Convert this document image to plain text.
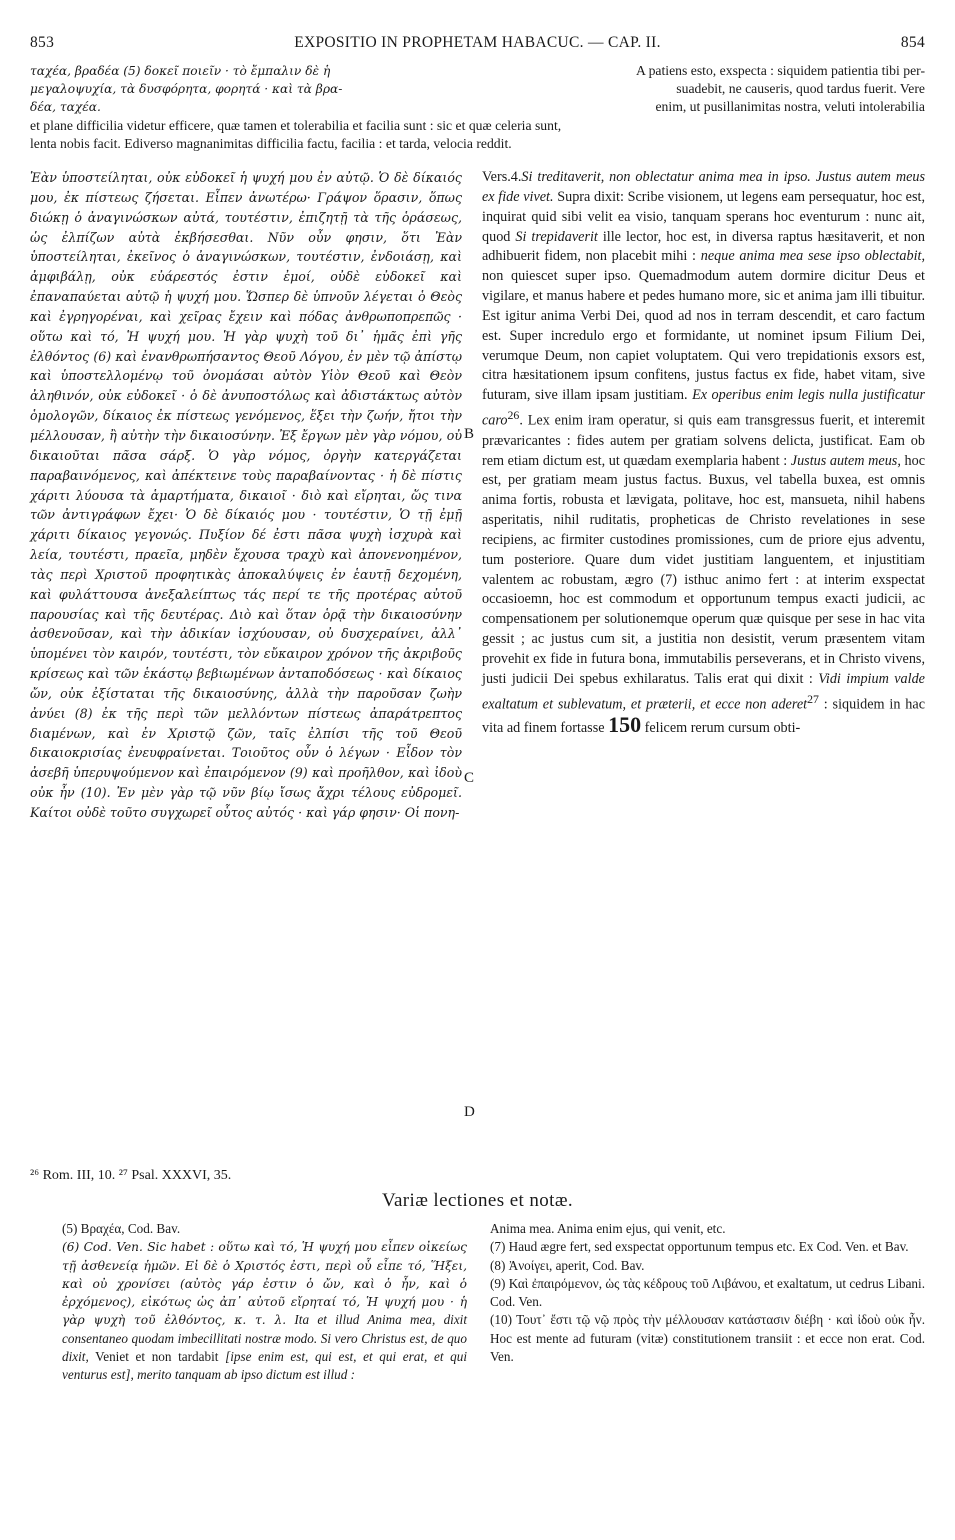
853	EXPOSITIO IN PROPHETAM HABACUC. — CAP. II.	854
ταχέα, βραδέα (5) δοκεῖ ποιεῖν · τὸ ἔμπαλιν δὲ ἡ	A patiens esto, exspecta : siquidem patientia tibi per-
μεγαλοψυχία, τὰ δυσφόρητα, φορητά · καὶ τὰ βρα-	suadebit, ne causeris, quod tardus fuerit. Vere
δέα, ταχέα.	enim, ut pusillanimitas nostra, veluti intolerabilia
et plane difficilia videtur efficere, quæ tamen et tolerabilia et facilia sunt : sic et quæ celeria sunt,
lenta nobis facit. Ediverso magnanimitas difficilia factu, facilia : et tarda, velocia reddit.

Ἐὰν ὑποστείληται, οὐκ εὐδοκεῖ ἡ ψυχή μου ἐν αὐτῷ. Ὁ δὲ δίκαιός μου, ἐκ πίστεως ζήσεται. Εἶπεν ἀνωτέρω· Γράψον ὅρασιν, ὅπως διώκῃ ὁ ἀναγινώσκων αὐτά, τουτέστιν, ἐπιζητῇ τὰ τῆς ὁράσεως, ὡς ἐλπίζων αὐτὰ ἐκβήσεσθαι. Νῦν οὖν φησιν, ὅτι Ἐὰν ὑποστείληται, ἐκεῖνος ὁ ἀναγινώσκων, τουτέστιν, ἐνδοιάσῃ, καὶ ἀμφιβάλῃ, οὐκ εὐάρεστός ἐστιν ἐμοί, οὐδὲ εὐδοκεῖ καὶ ἐπαναπαύεται αὐτῷ ἡ ψυχή μου. Ὥσπερ δὲ ὑπνοῦν λέγεται ὁ Θεὸς καὶ ἐγρηγορέναι, καὶ χεῖρας ἔχειν καὶ πόδας ἀνθρωποπρεπῶς · οὕτω καὶ τό, Ἡ ψυχή μου. Ἡ γὰρ ψυχὴ τοῦ δι᾽ ἡμᾶς ἐπὶ γῆς ἐλθόντος (6) καὶ ἐνανθρωπήσαντος Θεοῦ Λόγου, ἐν μὲν τῷ ἀπίστῳ καὶ ὑποστελλομένῳ τοῦ ὀνομάσαι αὐτὸν Υἱὸν Θεοῦ καὶ Θεὸν ἀληθινόν, οὐκ εὐδοκεῖ · ὁ δὲ ἀνυποστόλως καὶ ἀδιστάκτως αὐτὸν ὁμολογῶν, δίκαιος ἐκ πίστεως γενόμενος, ἕξει τὴν ζωήν, ἤτοι τὴν μέλλουσαν, ἢ αὐτὴν τὴν δικαιοσύνην. Ἐξ ἔργων μὲν γὰρ νόμου, οὐ δικαιοῦται πᾶσα σάρξ. Ὁ γὰρ νόμος, ὀργὴν κατεργάζεται παραβαινόμενος, καὶ ἀπέκτεινε τοὺς παραβαίνοντας · ἡ δὲ πίστις χάριτι λύουσα τὰ ἁμαρτήματα, δικαιοῖ · διὸ καὶ εἴρηται, ὥς τινα τῶν ἀντιγράφων ἔχει· Ὁ δὲ δίκαιός μου · τουτέστιν, Ὁ τῇ ἐμῇ χάριτι δίκαιος γεγονώς. Πυξίον δέ ἐστι πᾶσα ψυχὴ ἰσχυρὰ καὶ λεία, τουτέστι, πραεῖα, μηδὲν ἔχουσα τραχὺ καὶ ἀπονενοημένον, τὰς περὶ Χριστοῦ προφητικὰς ἀποκαλύψεις ἐν ἑαυτῇ δεχομένη, καὶ φυλάττουσα ἀνεξαλείπτως τάς περί τε τῆς προτέρας αὐτοῦ παρουσίας καὶ τῆς δευτέρας. Διὸ καὶ ὅταν ὁρᾷ τὴν δικαιοσύνην ἀσθενοῦσαν, καὶ τὴν ἀδικίαν ἰσχύουσαν, οὐ δυσχεραίνει, ἀλλ᾽ ὑπομένει τὸν καιρόν, τουτέστι, τὸν εὔκαιρον χρόνον τῆς ἀκριβοῦς κρίσεως καὶ τῶν ἑκάστῳ βεβιωμένων ἀνταποδόσεως · καὶ δίκαιος ὤν, οὐκ ἐξίσταται τῆς δικαιοσύνης, ἀλλὰ τὴν παροῦσαν ζωὴν ἀνύει (8) ἐκ τῆς περὶ τῶν μελλόντων πίστεως ἀπαράτρεπτος διαμένων, καὶ ἐν Χριστῷ ζῶν, ταῖς ἐλπίσι τῆς τοῦ Θεοῦ δικαιοκρισίας ἐνευφραίνεται. Τοιοῦτος οὖν ὁ λέγων · Εἶδον τὸν ἀσεβῆ ὑπερυψούμενον καὶ ἐπαιρόμενον (9) καὶ προῆλθον, καὶ ἰδοὺ οὐκ ἦν (10). Ἐν μὲν γὰρ τῷ νῦν βίῳ ἴσως ἄχρι τέλους εὐδρομεῖ. Καίτοι οὐδὲ τοῦτο συγχωρεῖ οὗτος αὐτός · καὶ γάρ φησιν· Οἱ πονη-

B
C
D

Vers.4.Si treditaverit, non oblectatur anima mea in ipso. Justus autem meus ex fide vivet. Supra dixit: Scribe visionem, ut legens eam persequatur, hoc est, inquirat quid sibi velit ea visio, tanquam sperans hoc eventurum : nunc ait, quod Si trepidaverit ille lector, hoc est, in diversa raptus hæsitaverit, et non adhibuerit fidem, non placebit mihi : neque anima mea sese ipso oblectabit, non quiescet super ipso. Quemadmodum autem dormire dicitur Deus et vigilare, et manus habere et pedes humano more, sic et anima jam illi tibuitur. Est igitur anima Verbi Dei, quod ad nos in terram descendit, et caro factum est. Super incredulo ergo et formidante, ut nominet ipsum Filium Dei, verumque Deum, non capiet voluptatem. Qui vero trepidationis exsors est, citra hæsitationem ipsum confitens, justus factus ex fide, habet vitam, sive futuram, sive illam ipsam justitiam. Ex operibus enim legis nulla justificatur caro$^{26}$. Lex enim iram operatur, si quis eam transgressus fuerit, et interemit prævaricantes : fides autem per gratiam solvens delicta, justificat. Eam ob rem etiam dictum est, ut quædam exemplaria habent : Justus autem meus, hoc est, per gratiam meam justus factus. Buxus, vel tabella buxea, est omnis anima fortis, robusta et lævigata, politave, hoc est, mansueta, nihil habens asperitatis, nihil ruditatis, propheticas de Christo revelationes in sese recipiens, ac firmiter custodines promissiones, cum de priore ejus adventu, tum posteriore. Quare dum videt justitiam languentem, et injustitiam valentem ac robustam, ægro (7) isthuc animo fert : at interim exspectat occasioemn, hoc est commodum et opportunum tempus exacti judicii, ac compensationem per solutionemque operum quæ quisque per sese in hac vita gessit ; ac justus cum sit, a justitia non desistit, verum præsentem vitam provehit ex fide in futura bona, immutabilis perseverans, et in Christo vivens, justi judicii Dei spebus exhilaratus. Talis erat qui dixit : Vidi impium valde exaltatum et sublevatum, et præterii, et ecce non aderet$^{27}$ : siquidem in hac vita ad finem fortasse 150 felicem rerum cursum obti-

²⁶ Rom. III, 10. ²⁷ Psal. XXXVI, 35.
Variæ lectiones et notæ.

(5) Βραχέα, Cod. Bav.

(6) Cod. Ven. Sic habet : οὕτω καὶ τό, Ἡ ψυχή μου εἶπεν οἰκείως τῇ ἀσθενείᾳ ἡμῶν. Εἰ δὲ ὁ Χριστός ἐστι, περὶ οὗ εἶπε τό, Ἥξει, καὶ οὐ χρονίσει (αὐτὸς γάρ ἐστιν ὁ ὤν, καὶ ὁ ἦν, καὶ ὁ ἐρχόμενος), εἰκότως ὡς ἀπ᾽ αὐτοῦ εἴρηταί τό, Ἡ ψυχή μου · ἡ γὰρ ψυχὴ τοῦ ἐλθόντος, κ. τ. λ. Ita et illud Anima mea, dixit consentaneo quodam imbecillitati nostræ modo. Si vero Christus est, de quo dixit, Veniet et non tardabit [ipse enim est, qui est, et qui erat, et qui venturus est], merito tanquam ab ipso dictum est illud :

Anima mea. Anima enim ejus, qui venit, etc.

(7) Haud ægre fert, sed exspectat opportunum tempus etc. Ex Cod. Ven. et Bav.

(8) Ἀνοίγει, aperit, Cod. Bav.

(9) Καὶ ἐπαιρόμενον, ὡς τὰς κέδρους τοῦ Λιβάνου, et exaltatum, ut cedrus Libani. Cod. Ven.

(10) Τουτ᾽ ἔστι τῷ νῷ πρὸς τὴν μέλλουσαν κατάστασιν διέβη · καὶ ἰδοὺ οὐκ ἦν. Hoc est mente ad futuram (vitæ) constitutionem transiit : et ecce non erat. Cod. Ven.
